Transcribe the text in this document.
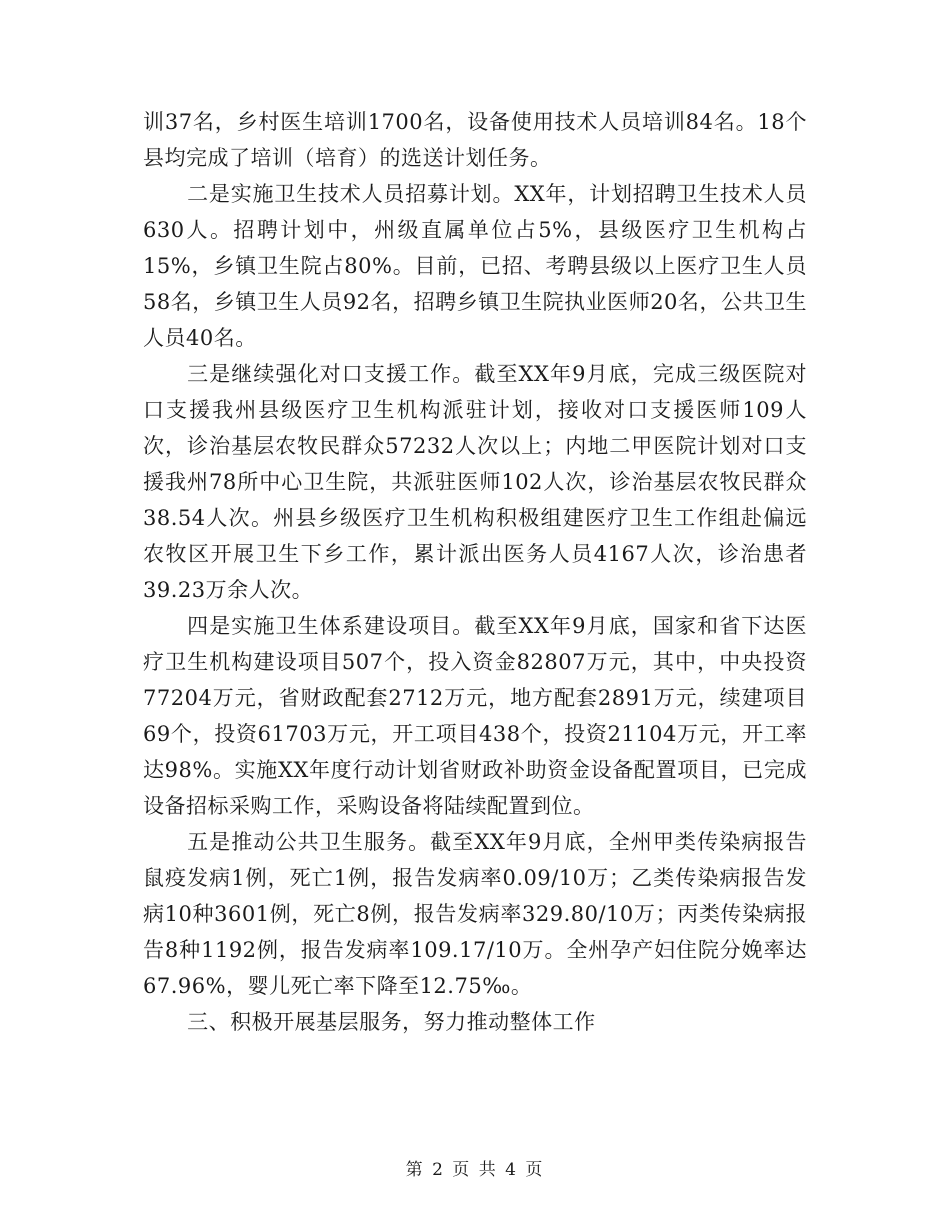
训37名，乡村医生培训1700名，设备使用技术人员培训84名。18个县均完成了培训（培育）的选送计划任务。

二是实施卫生技术人员招募计划。XX年，计划招聘卫生技术人员630人。招聘计划中，州级直属单位占5%，县级医疗卫生机构占15%，乡镇卫生院占80%。目前，已招、考聘县级以上医疗卫生人员58名，乡镇卫生人员92名，招聘乡镇卫生院执业医师20名，公共卫生人员40名。

三是继续强化对口支援工作。截至XX年9月底，完成三级医院对口支援我州县级医疗卫生机构派驻计划，接收对口支援医师109人次，诊治基层农牧民群众57232人次以上；内地二甲医院计划对口支援我州78所中心卫生院，共派驻医师102人次，诊治基层农牧民群众38.54人次。州县乡级医疗卫生机构积极组建医疗卫生工作组赴偏远农牧区开展卫生下乡工作，累计派出医务人员4167人次，诊治患者39.23万余人次。

四是实施卫生体系建设项目。截至XX年9月底，国家和省下达医疗卫生机构建设项目507个，投入资金82807万元，其中，中央投资77204万元，省财政配套2712万元，地方配套2891万元，续建项目69个，投资61703万元，开工项目438个，投资21104万元，开工率达98%。实施XX年度行动计划省财政补助资金设备配置项目，已完成设备招标采购工作，采购设备将陆续配置到位。

五是推动公共卫生服务。截至XX年9月底，全州甲类传染病报告鼠疫发病1例，死亡1例，报告发病率0.09/10万；乙类传染病报告发病10种3601例，死亡8例，报告发病率329.80/10万；丙类传染病报告8种1192例，报告发病率109.17/10万。全州孕产妇住院分娩率达67.96%，婴儿死亡率下降至12.75‰。

三、积极开展基层服务，努力推动整体工作

第 2 页 共 4 页
